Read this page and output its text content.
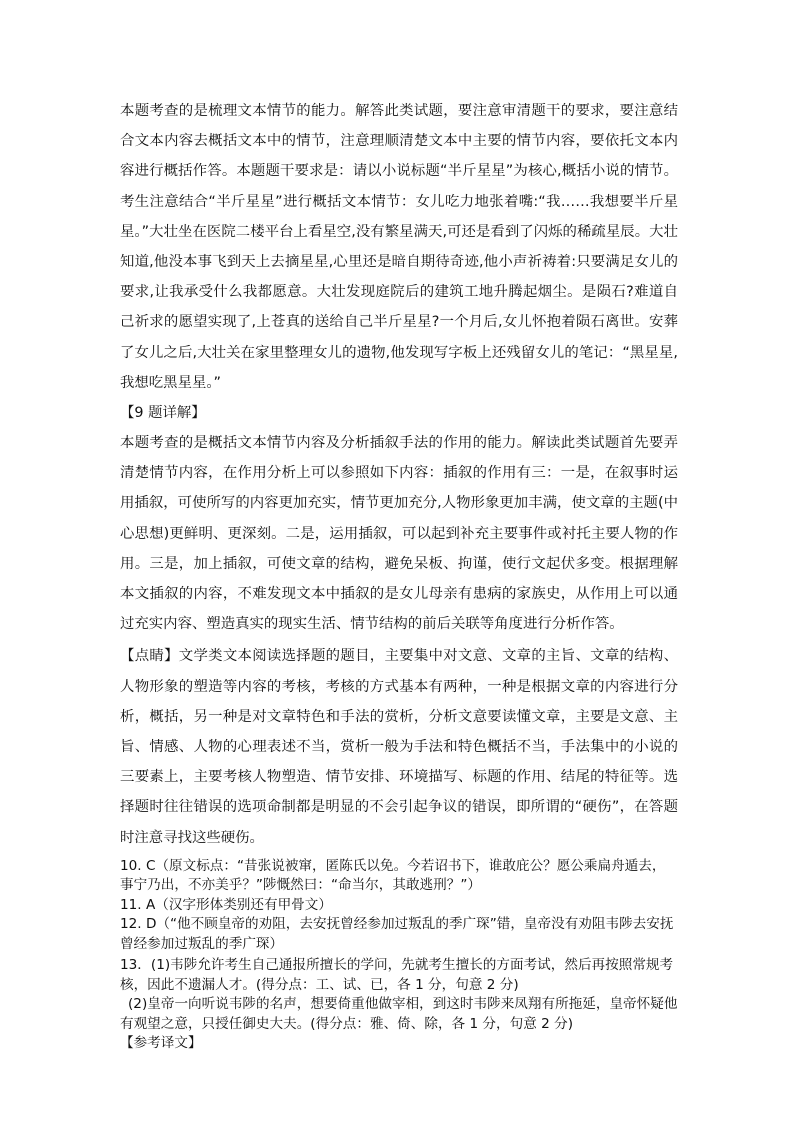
本题考查的是梳理文本情节的能力。解答此类试题，要注意审清题干的要求，要注意结合文本内容去概括文本中的情节，注意理顺清楚文本中主要的情节内容，要依托文本内容进行概括作答。本题题干要求是：请以小说标题“半斤星星”为核心,概括小说的情节。考生注意结合“半斤星星”进行概括文本情节：女儿吃力地张着嘴:“我……我想要半斤星星。”大壮坐在医院二楼平台上看星空,没有繁星满天,可还是看到了闪烁的稀疏星辰。大壮知道,他没本事飞到天上去摘星星,心里还是暗自期待奇迹,他小声祈祷着:只要满足女儿的要求,让我承受什么我都愿意。大壮发现庭院后的建筑工地升腾起烟尘。是陨石?难道自己祈求的愿望实现了,上苍真的送给自己半斤星星?一个月后,女儿怀抱着陨石离世。安葬了女儿之后,大壮关在家里整理女儿的遗物,他发现写字板上还残留女儿的笔记：“黑星星,我想吃黑星星。”

【9 题详解】

本题考查的是概括文本情节内容及分析插叙手法的作用的能力。解读此类试题首先要弄清楚情节内容，在作用分析上可以参照如下内容：插叙的作用有三：一是，在叙事时运用插叙，可使所写的内容更加充实，情节更加充分,人物形象更加丰满，使文章的主题(中心思想)更鲜明、更深刻。二是，运用插叙，可以起到补充主要事件或衬托主要人物的作用。三是，加上插叙，可使文章的结构，避免呆板、拘谨，使行文起伏多变。根据理解本文插叙的内容，不难发现文本中插叙的是女儿母亲有患病的家族史，从作用上可以通过充实内容、塑造真实的现实生活、情节结构的前后关联等角度进行分析作答。

【点睛】文学类文本阅读选择题的题目，主要集中对文意、文章的主旨、文章的结构、人物形象的塑造等内容的考核，考核的方式基本有两种，一种是根据文章的内容进行分析，概括，另一种是对文章特色和手法的赏析，分析文意要读懂文章，主要是文意、主旨、情感、人物的心理表述不当，赏析一般为手法和特色概括不当，手法集中的小说的三要素上，主要考核人物塑造、情节安排、环境描写、标题的作用、结尾的特征等。选择题时往往错误的选项命制都是明显的不会引起争议的错误，即所谓的“硬伤”，在答题时注意寻找这些硬伤。

10. C（原文标点：“昔张说被窜，匿陈氏以免。今若诏书下，谁敢庇公？愿公乘扁舟遁去，事宁乃出，不亦美乎？”陟慨然曰：“命当尔，其敢逃刑？”）

11. A（汉字形体类别还有甲骨文）

12. D（“他不顾皇帝的劝阻，去安抚曾经参加过叛乱的季广琛”错，皇帝没有劝阻韦陟去安抚曾经参加过叛乱的季广琛）

13．(1)韦陟允许考生自己通报所擅长的学问，先就考生擅长的方面考试，然后再按照常规考核，因此不遗漏人才。(得分点：工、试、已，各 1 分，句意 2 分)

(2)皇帝一向听说韦陟的名声，想要倚重他做宰相，到这时韦陟来凤翔有所拖延，皇帝怀疑他有观望之意，只授任御史大夫。(得分点：雅、倚、除，各 1 分，句意 2 分)

【参考译文】
